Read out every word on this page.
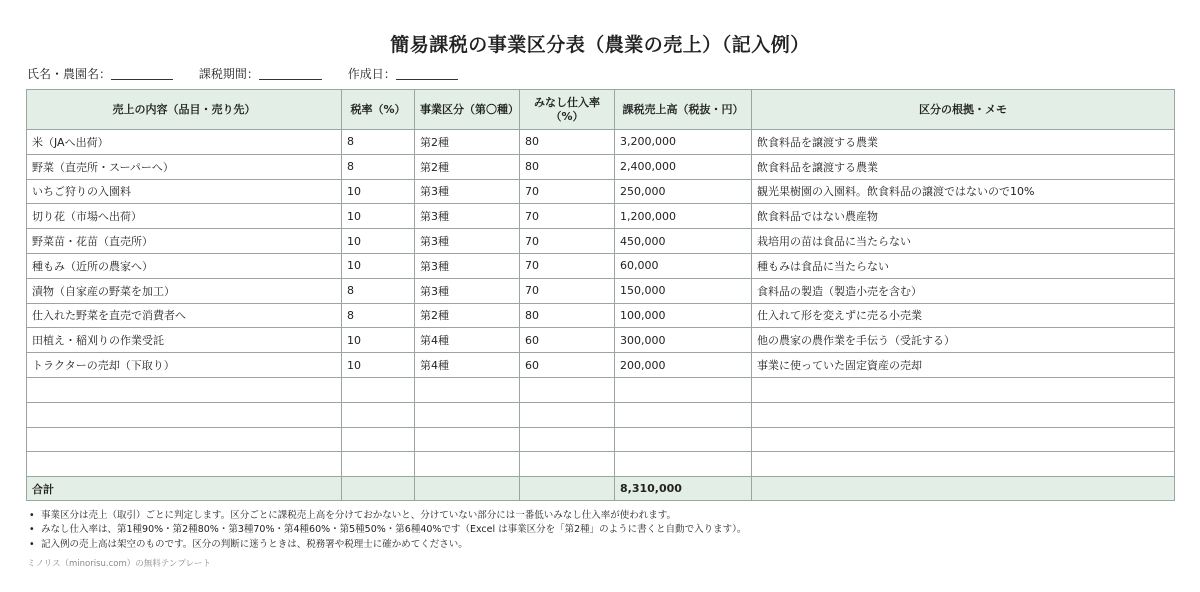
簡易課税の事業区分表（農業の売上）（記入例）
氏名・農園名：	課税期間：	作成日：
売上の内容（品目・売り先）	税率（%）	事業区分（第〇種）	みなし仕入率（%）	課税売上高（税抜・円）	区分の根拠・メモ
米（JAへ出荷）	8	第2種	80	3,200,000	飲食料品を譲渡する農業
野菜（直売所・スーパーへ）	8	第2種	80	2,400,000	飲食料品を譲渡する農業
いちご狩りの入園料	10	第3種	70	250,000	観光果樹園の入園料。飲食料品の譲渡ではないので10%
切り花（市場へ出荷）	10	第3種	70	1,200,000	飲食料品ではない農産物
野菜苗・花苗（直売所）	10	第3種	70	450,000	栽培用の苗は食品に当たらない
種もみ（近所の農家へ）	10	第3種	70	60,000	種もみは食品に当たらない
漬物（自家産の野菜を加工）	8	第3種	70	150,000	食料品の製造（製造小売を含む）
仕入れた野菜を直売で消費者へ	8	第2種	80	100,000	仕入れて形を変えずに売る小売業
田植え・稲刈りの作業受託	10	第4種	60	300,000	他の農家の農作業を手伝う（受託する）
トラクターの売却（下取り）	10	第4種	60	200,000	事業に使っていた固定資産の売却

合計				8,310,000	
• 事業区分は売上（取引）ごとに判定します。区分ごとに課税売上高を分けておかないと、分けていない部分には一番低いみなし仕入率が使われます。
• みなし仕入率は、第1種90%・第2種80%・第3種70%・第4種60%・第5種50%・第6種40%です（Excel は事業区分を「第2種」のように書くと自動で入ります）。
• 記入例の売上高は架空のものです。区分の判断に迷うときは、税務署や税理士に確かめてください。
ミノリス（minorisu.com）の無料テンプレート
